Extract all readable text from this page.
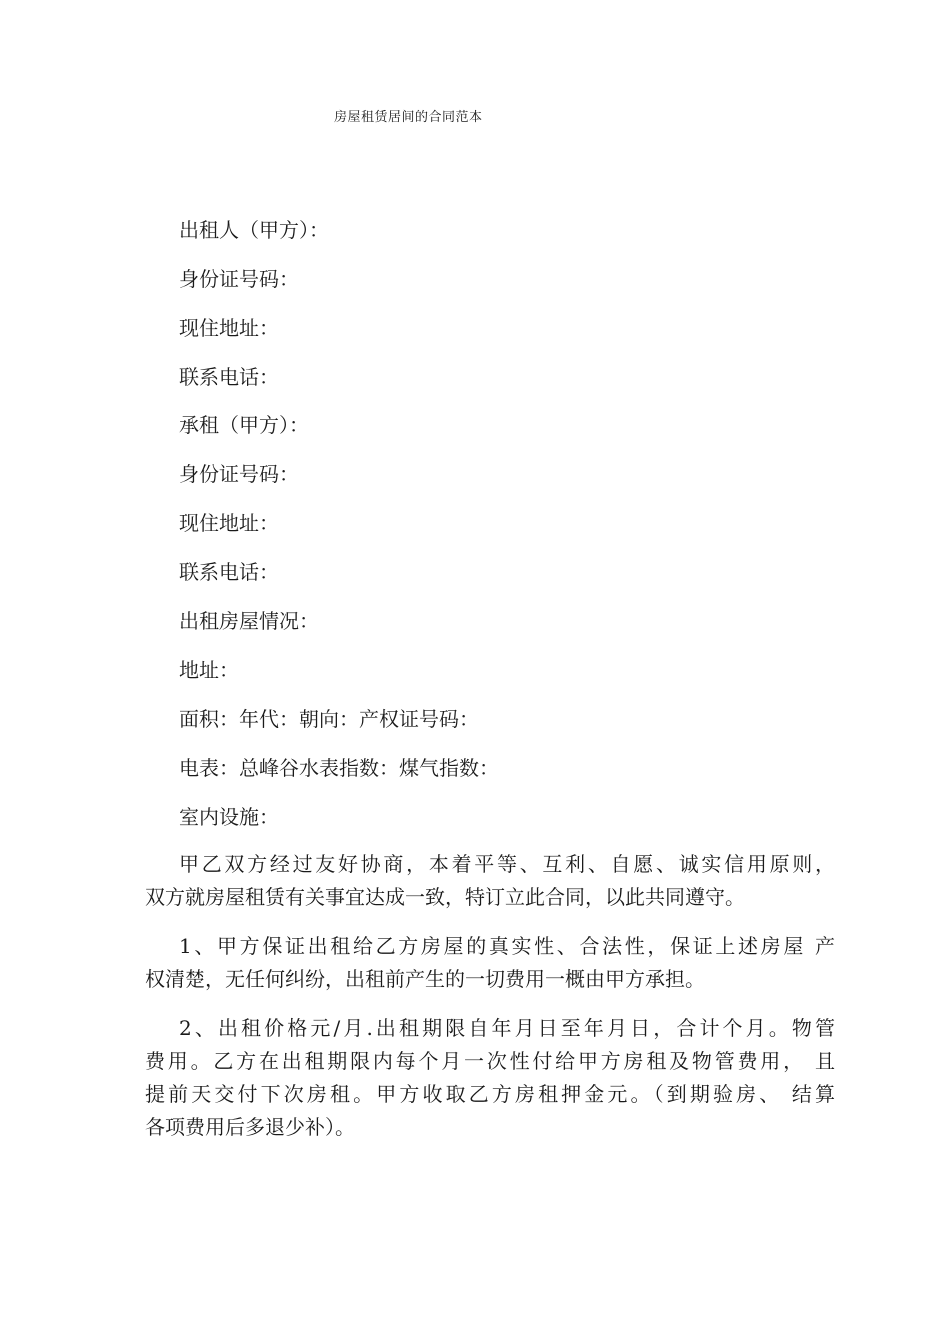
房屋租赁居间的合同范本
出租人（甲方）：
身份证号码：
现住地址：
联系电话：
承租（甲方）：
身份证号码：
现住地址：
联系电话：
出租房屋情况：
地址：
面积：年代：朝向：产权证号码：
电表：总峰谷水表指数：煤气指数：
室内设施：
甲乙双方经过友好协商，本着平等、互利、自愿、诚实信用原则，
双方就房屋租赁有关事宜达成一致，特订立此合同，以此共同遵守。
1、甲方保证出租给乙方房屋的真实性、合法性，保证上述房屋 产
权清楚，无任何纠纷，出租前产生的一切费用一概由甲方承担。
2、出租价格元/月.出租期限自年月日至年月日，合计个月。物管
费用。乙方在出租期限内每个月一次性付给甲方房租及物管费用， 且
提前天交付下次房租。甲方收取乙方房租押金元。（到期验房、 结算
各项费用后多退少补）。
